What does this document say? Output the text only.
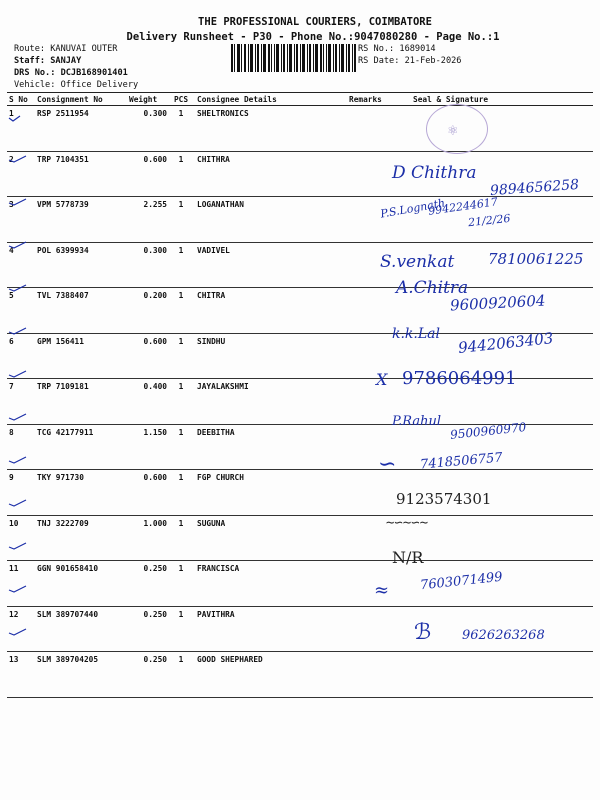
THE PROFESSIONAL COURIERS, COIMBATORE
Delivery Runsheet - P30 - Phone No.:9047080280 - Page No.:1
Route: KANUVAI OUTER
Staff: SANJAY
DRS No.: DCJB168901401
Vehicle: Office Delivery
RS No.: 1689014
RS Date: 21-Feb-2026
S No	Consignment No	Weight	PCS	Consignee Details	Remarks	Seal & Signature
1	RSP 2511954	0.300	1	SHELTRONICS		
2	TRP 7104351	0.600	1	CHITHRA		
3	VPM 5778739	2.255	1	LOGANATHAN		
4	POL 6399934	0.300	1	VADIVEL		
5	TVL 7388407	0.200	1	CHITRA		
6	GPM 156411	0.600	1	SINDHU		
7	TRP 7109181	0.400	1	JAYALAKSHMI		
8	TCG 42177911	1.150	1	DEEBITHA		
9	TKY 971730	0.600	1	FGP CHURCH		
10	TNJ 3222709	1.000	1	SUGUNA		
11	GGN 901658410	0.250	1	FRANCISCA		
12	SLM 389707440	0.250	1	PAVITHRA		
13	SLM 389704205	0.250	1	GOOD SHEPHARED		
⚛
D Chithra
9894656258
P.S.Lognath
9942244617
21/2/26
S.venkat 7810061225
A.Chitra
9600920604
k.k.Lal 9442063403
X 9786064991
P.Rahul 9500960970
∽ 7418506757
9123574301
∼∽∼∽∼
N/R
≈ 7603071499
ℬ 9626263268
